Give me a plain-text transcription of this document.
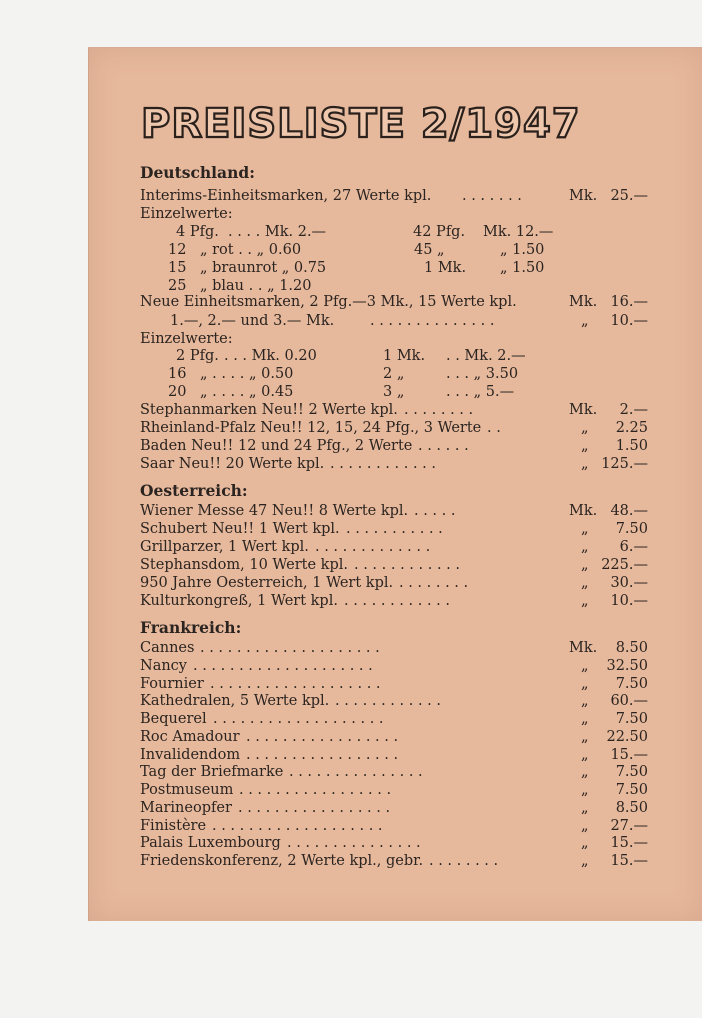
PREISLISTE 2/1947
Deutschland:
Interims-Einheitsmarken, 27 Werte kpl. . . . . . . .	Mk. 25.—
Einzelwerte:
4 Pfg. . . . . Mk. 2.—	42 Pfg. Mk. 12.—
12 „ rot . . „ 0.60	45 „	„ 1.50
15 „ braunrot „ 0.75	1 Mk. „ 1.50
25 „ blau . . „ 1.20
Neue Einheitsmarken, 2 Pfg.—3 Mk., 15 Werte kpl.	Mk. 16.—
1.—, 2.— und 3.— Mk. . . . . . . . . . . . . . .	„ 10.—
Einzelwerte:
2 Pfg. . . . Mk. 0.20	1 Mk. . . Mk. 2.—
16 „ . . . . „ 0.50	2 „	. . . „ 3.50
20 „ . . . . „ 0.45	3 „	. . . „ 5.—
Stephanmarken Neu!! 2 Werte kpl. . . . . . . . .	Mk. 2.—
Rheinland-Pfalz Neu!! 12, 15, 24 Pfg., 3 Werte . .	„ 2.25
Baden Neu!! 12 und 24 Pfg., 2 Werte . . . . . .	„ 1.50
Saar Neu!! 20 Werte kpl. . . . . . . . . . . . .	„ 125.—
Oesterreich:
Wiener Messe 47 Neu!! 8 Werte kpl. . . . . .	Mk. 48.—
Schubert Neu!! 1 Wert kpl. . . . . . . . . . . .	„ 7.50
Grillparzer, 1 Wert kpl. . . . . . . . . . . . . .	„ 6.—
Stephansdom, 10 Werte kpl. . . . . . . . . . . . .	„ 225.—
950 Jahre Oesterreich, 1 Wert kpl. . . . . . . . .	„ 30.—
Kulturkongreß, 1 Wert kpl. . . . . . . . . . . . .	„ 10.—
Frankreich:
Cannes . . . . . . . . . . . . . . . . . . . .	Mk. 8.50
Nancy . . . . . . . . . . . . . . . . . . . .	„ 32.50
Fournier . . . . . . . . . . . . . . . . . . .	„ 7.50
Kathedralen, 5 Werte kpl. . . . . . . . . . . . .	„ 60.—
Bequerel . . . . . . . . . . . . . . . . . . .	„ 7.50
Roc Amadour . . . . . . . . . . . . . . . . .	„ 22.50
Invalidendom . . . . . . . . . . . . . . . . .	„ 15.—
Tag der Briefmarke . . . . . . . . . . . . . . .	„ 7.50
Postmuseum . . . . . . . . . . . . . . . . .	„ 7.50
Marineopfer . . . . . . . . . . . . . . . . .	„ 8.50
Finistère . . . . . . . . . . . . . . . . . . .	„ 27.—
Palais Luxembourg . . . . . . . . . . . . . . .	„ 15.—
Friedenskonferenz, 2 Werte kpl., gebr. . . . . . . . .	„ 15.—
